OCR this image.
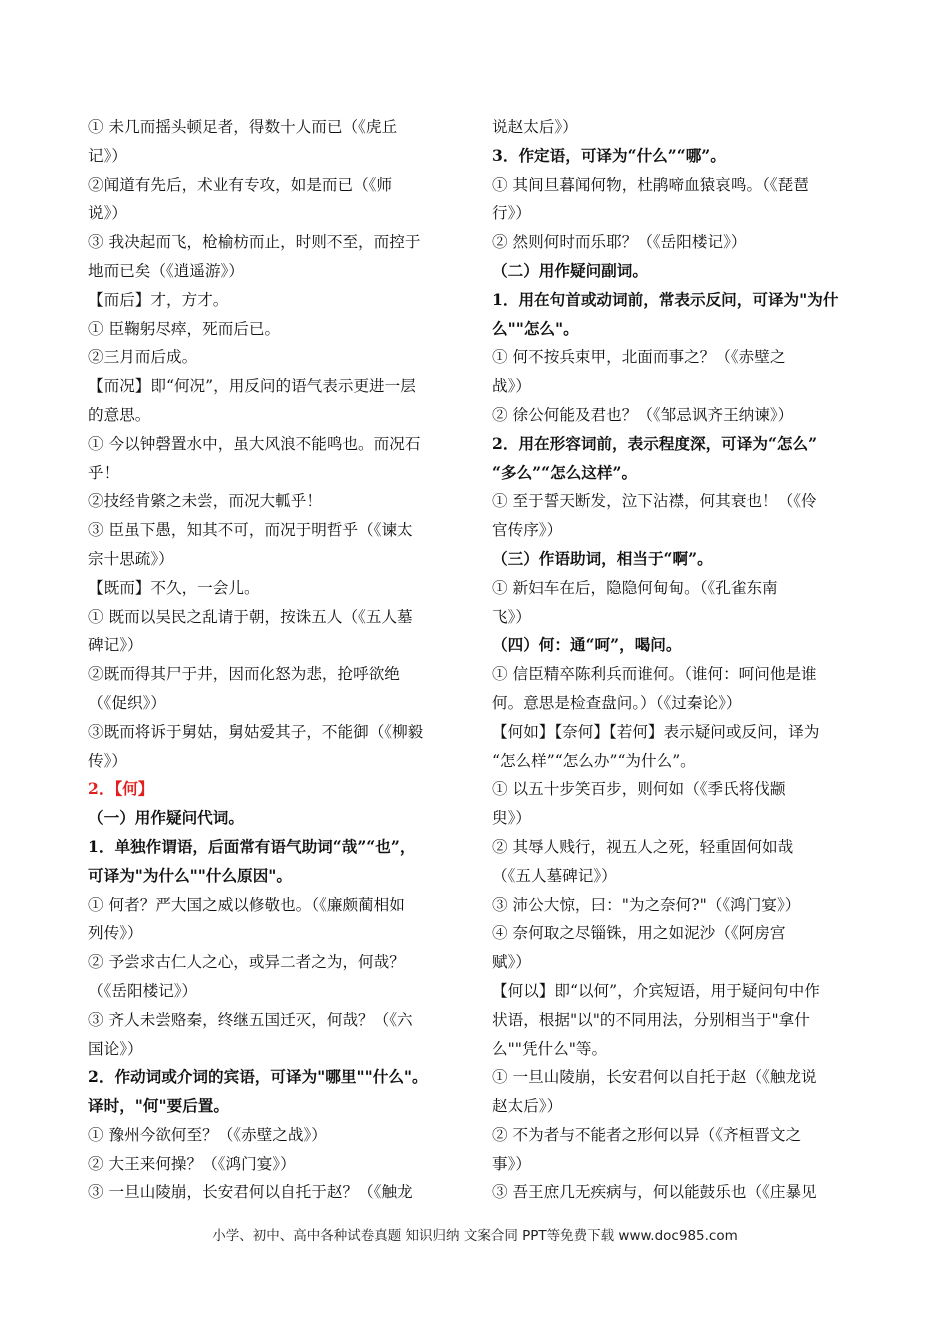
① 未几而摇头顿足者，得数十人而已（《虎丘
记》）
②闻道有先后，术业有专攻，如是而已（《师
说》）
③ 我决起而飞，枪榆枋而止，时则不至，而控于
地而已矣（《逍遥游》）
【而后】才，方才。
① 臣鞠躬尽瘁，死而后已。
②三月而后成。
【而况】即“何况”，用反问的语气表示更进一层
的意思。
① 今以钟磬置水中，虽大风浪不能鸣也。而况石
乎！
②技经肯綮之未尝，而况大軱乎！
③ 臣虽下愚，知其不可，而况于明哲乎（《谏太
宗十思疏》）
【既而】不久，一会儿。
① 既而以吴民之乱请于朝，按诛五人（《五人墓
碑记》）
②既而得其尸于井，因而化怒为悲，抢呼欲绝
（《促织》）
③既而将诉于舅姑，舅姑爱其子，不能御（《柳毅
传》）
2．【何】
（一）用作疑问代词。
1．单独作谓语，后面常有语气助词“哉”“也”，
可译为"为什么""什么原因"。
① 何者？严大国之威以修敬也。（《廉颇蔺相如
列传》）
② 予尝求古仁人之心，或异二者之为，何哉？
（《岳阳楼记》）
③ 齐人未尝赂秦，终继五国迁灭，何哉？（《六
国论》）
2．作动词或介词的宾语，可译为"哪里""什么"。
译时，"何"要后置。
① 豫州今欲何至？（《赤壁之战》）
② 大王来何操？（《鸿门宴》）
③ 一旦山陵崩，长安君何以自托于赵？（《触龙
说赵太后》）
3．作定语，可译为“什么”“哪”。
① 其间旦暮闻何物，杜鹃啼血猿哀鸣。（《琵琶
行》）
② 然则何时而乐耶？（《岳阳楼记》）
（二）用作疑问副词。
1．用在句首或动词前，常表示反问，可译为"为什
么""怎么"。
① 何不按兵束甲，北面而事之？（《赤壁之
战》）
② 徐公何能及君也？（《邹忌讽齐王纳谏》）
2．用在形容词前，表示程度深，可译为“怎么”
“多么”“怎么这样”。
① 至于誓天断发，泣下沾襟，何其衰也！（《伶
官传序》）
（三）作语助词，相当于“啊”。
① 新妇车在后，隐隐何甸甸。（《孔雀东南
飞》）
（四）何：通“呵”，喝问。
① 信臣精卒陈利兵而谁何。（谁何：呵问他是谁
何。意思是检查盘问。）（《过秦论》）
【何如】【奈何】【若何】表示疑问或反问，译为
“怎么样”“怎么办”“为什么”。
① 以五十步笑百步，则何如（《季氏将伐颛
臾》）
② 其辱人贱行，视五人之死，轻重固何如哉
（《五人墓碑记》）
③ 沛公大惊，曰："为之奈何?"（《鸿门宴》）
④ 奈何取之尽锱铢，用之如泥沙（《阿房宫
赋》）
【何以】即“以何”，介宾短语，用于疑问句中作
状语，根据"以"的不同用法，分别相当于"拿什
么""凭什么"等。
① 一旦山陵崩，长安君何以自托于赵（《触龙说
赵太后》）
② 不为者与不能者之形何以异（《齐桓晋文之
事》）
③ 吾王庶几无疾病与，何以能鼓乐也（《庄暴见
小学、初中、高中各种试卷真题 知识归纳 文案合同 PPT等免费下载 www.doc985.com
